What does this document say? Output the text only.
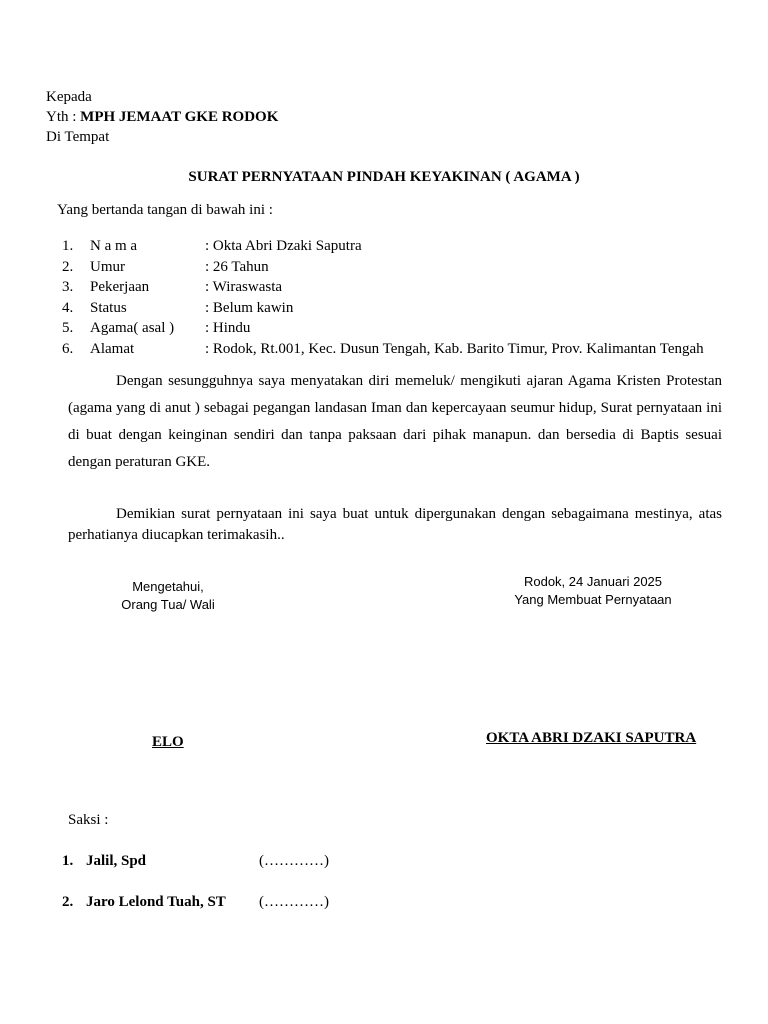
Kepada
Yth : MPH JEMAAT GKE RODOK
Di Tempat
SURAT PERNYATAAN PINDAH KEYAKINAN ( AGAMA )
Yang bertanda tangan di bawah ini :
1.	N a m a	: Okta Abri Dzaki Saputra
2.	Umur	: 26 Tahun
3.	Pekerjaan	: Wiraswasta
4.	Status	: Belum kawin
5.	Agama( asal ) : Hindu
6.	Alamat	: Rodok, Rt.001, Kec. Dusun Tengah, Kab. Barito Timur, Prov. Kalimantan Tengah
Dengan sesungguhnya saya menyatakan diri memeluk/ mengikuti ajaran Agama Kristen Protestan (agama yang di anut ) sebagai pegangan landasan Iman dan kepercayaan seumur hidup, Surat pernyataan ini di buat dengan keinginan sendiri dan tanpa paksaan dari pihak manapun. dan bersedia di Baptis sesuai dengan peraturan GKE.
Demikian surat pernyataan ini saya buat untuk dipergunakan dengan sebagaimana mestinya, atas perhatianya diucapkan terimakasih..
Mengetahui,
Orang Tua/ Wali
Rodok, 24 Januari 2025
Yang Membuat Pernyataan
ELO	OKTA ABRI DZAKI SAPUTRA
Saksi :
1. Jalil, Spd	(…………)
2. Jaro Lelond Tuah, ST (…………)
